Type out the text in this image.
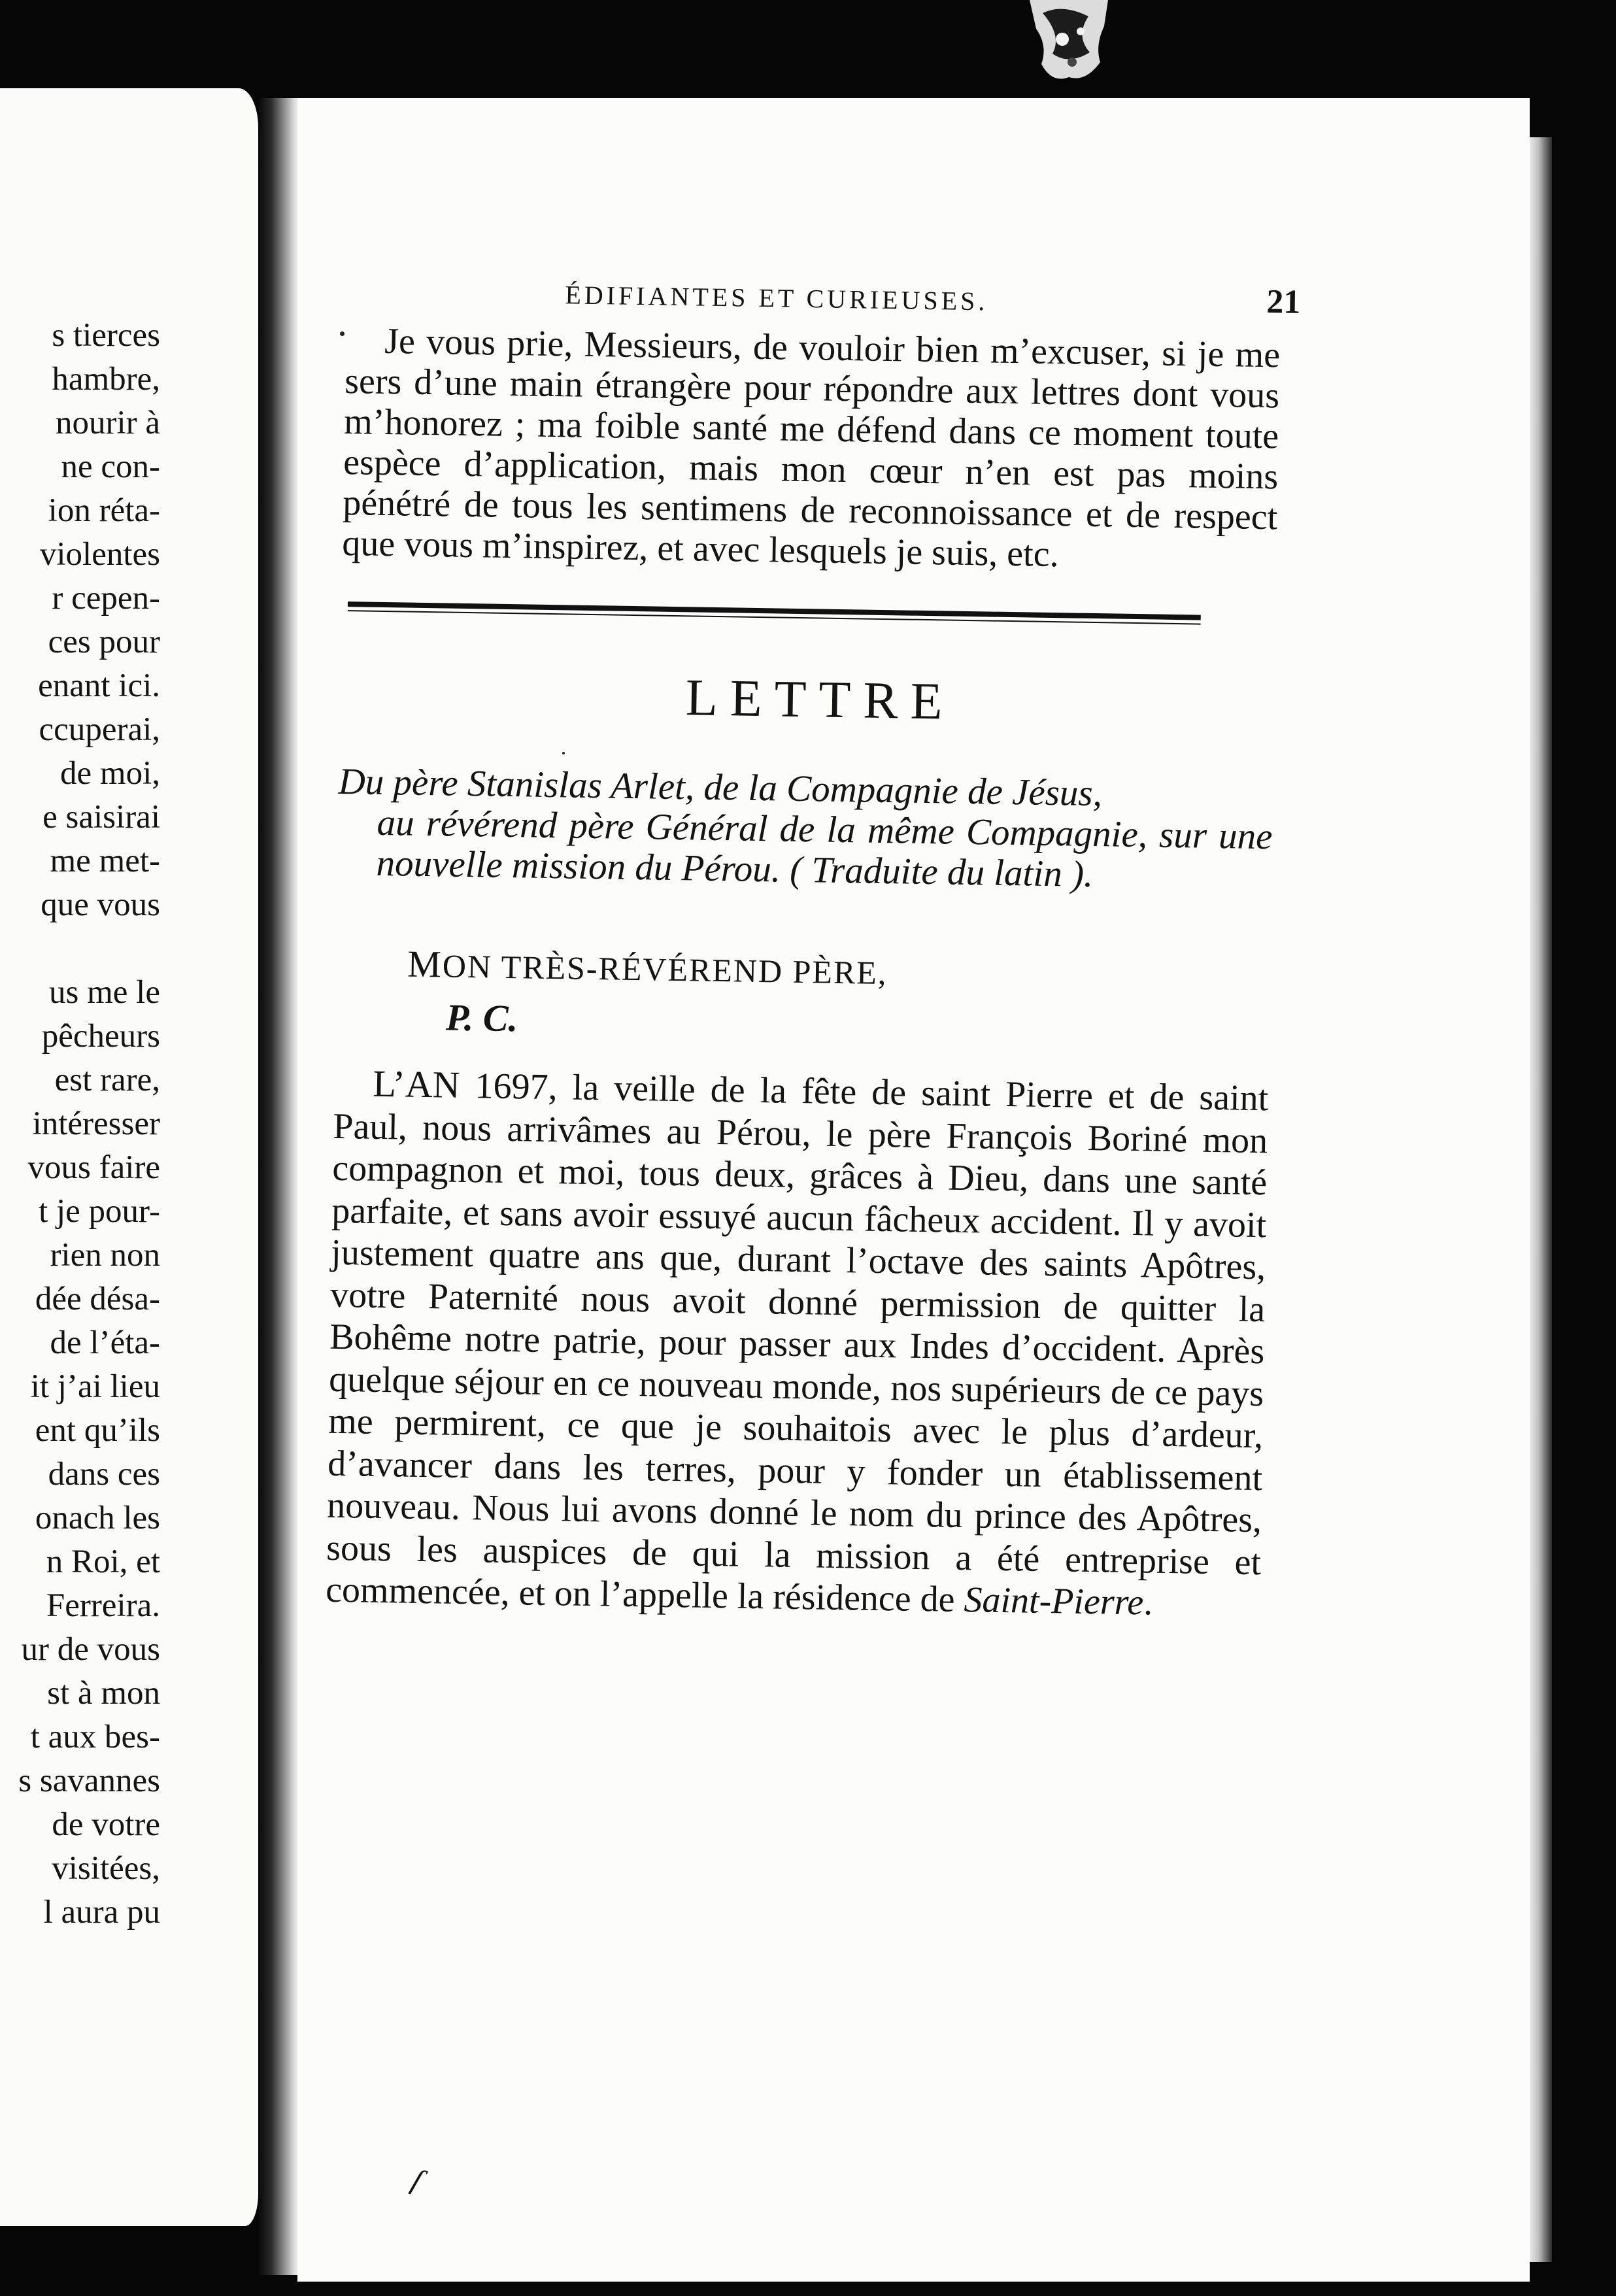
s tierces
hambre,
nourir à
ne con-
ion réta-
violentes
r cepen-
ces pour
enant ici.
ccuperai,
de moi,
e saisirai
me met-
que vous

us me le
pêcheurs
est rare,
intéresser
vous faire
t je pour-
rien non
dée désa-
de l’éta-
it j’ai lieu
ent qu’ils
dans ces
onach les
n Roi, et
Ferreira.
ur de vous
st à mon
t aux bes-
s savannes
de votre
visitées,
l aura pu
ÉDIFIANTES ET CURIEUSES.	21

Je vous prie, Messieurs, de vouloir bien m’excuser, si je me sers d’une main étrangère pour répondre aux lettres dont vous m’honorez ; ma foible santé me défend dans ce moment toute espèce d’application, mais mon cœur n’en est pas moins pénétré de tous les sentimens de reconnoissance et de respect que vous m’inspirez, et avec lesquels je suis, etc.

LETTRE

Du père Stanislas Arlet, de la Compagnie de Jésus,
au révérend père Général de la même Compagnie, sur une nouvelle mission du Pérou. ( Traduite du latin ).

MON TRÈS-RÉVÉREND PÈRE,
P. C.

L’AN 1697, la veille de la fête de saint Pierre et de saint Paul, nous arrivâmes au Pérou, le père François Boriné mon compagnon et moi, tous deux, grâces à Dieu, dans une santé parfaite, et sans avoir essuyé aucun fâcheux accident. Il y avoit justement quatre ans que, durant l’octave des saints Apôtres, votre Paternité nous avoit donné permission de quitter la Bohême notre patrie, pour passer aux Indes d’occident. Après quelque séjour en ce nouveau monde, nos supérieurs de ce pays me permirent, ce que je souhaitois avec le plus d’ardeur, d’avancer dans les terres, pour y fonder un établissement nouveau. Nous lui avons donné le nom du prince des Apôtres, sous les auspices de qui la mission a été entreprise et commencée, et on l’appelle la résidence de Saint-Pierre.

ſ
